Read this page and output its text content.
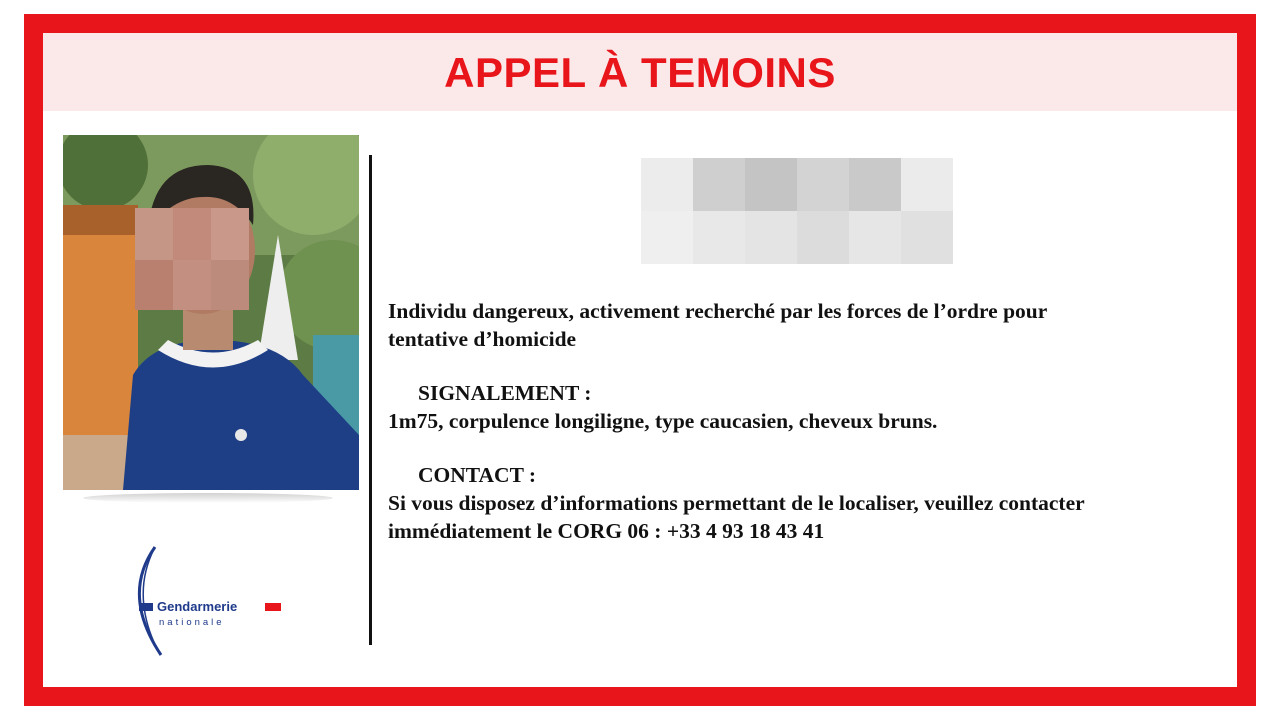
APPEL À TEMOINS
Gendarmerie
nationale

Individu dangereux, activement recherché par les forces de l’ordre pour

tentative d’homicide

SIGNALEMENT :

1m75, corpulence longiligne, type caucasien, cheveux bruns.

CONTACT :

Si vous disposez d’informations permettant de le localiser, veuillez contacter

immédiatement le CORG 06 : +33 4 93 18 43 41
